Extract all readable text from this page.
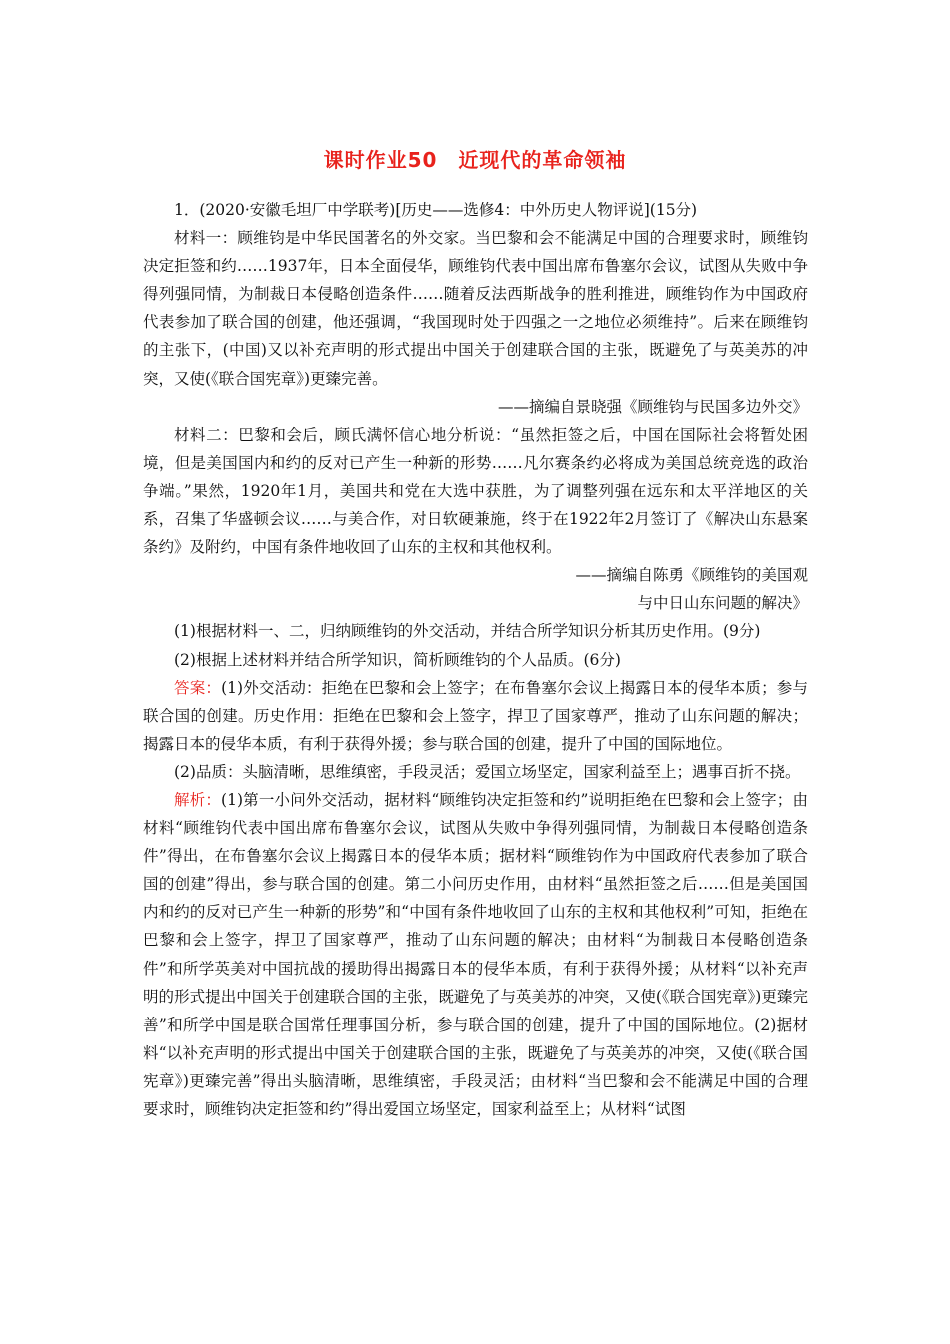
课时作业50　近现代的革命领袖

1．(2020·安徽毛坦厂中学联考)[历史——选修4：中外历史人物评说](15分)

材料一：顾维钧是中华民国著名的外交家。当巴黎和会不能满足中国的合理要求时，顾维钧决定拒签和约……1937年，日本全面侵华，顾维钧代表中国出席布鲁塞尔会议，试图从失败中争得列强同情，为制裁日本侵略创造条件……随着反法西斯战争的胜利推进，顾维钧作为中国政府代表参加了联合国的创建，他还强调，“我国现时处于四强之一之地位必须维持”。后来在顾维钧的主张下，(中国)又以补充声明的形式提出中国关于创建联合国的主张，既避免了与英美苏的冲突，又使(《联合国宪章》)更臻完善。

——摘编自景晓强《顾维钧与民国多边外交》

材料二：巴黎和会后，顾氏满怀信心地分析说：“虽然拒签之后，中国在国际社会将暂处困境，但是美国国内和约的反对已产生一种新的形势……凡尔赛条约必将成为美国总统竞选的政治争端。”果然，1920年1月，美国共和党在大选中获胜，为了调整列强在远东和太平洋地区的关系，召集了华盛顿会议……与美合作，对日软硬兼施，终于在1922年2月签订了《解决山东悬案条约》及附约，中国有条件地收回了山东的主权和其他权利。

——摘编自陈勇《顾维钧的美国观

与中日山东问题的解决》

(1)根据材料一、二，归纳顾维钧的外交活动，并结合所学知识分析其历史作用。(9分)

(2)根据上述材料并结合所学知识，简析顾维钧的个人品质。(6分)

答案：(1)外交活动：拒绝在巴黎和会上签字；在布鲁塞尔会议上揭露日本的侵华本质；参与联合国的创建。历史作用：拒绝在巴黎和会上签字，捍卫了国家尊严，推动了山东问题的解决；揭露日本的侵华本质，有利于获得外援；参与联合国的创建，提升了中国的国际地位。

(2)品质：头脑清晰，思维缜密，手段灵活；爱国立场坚定，国家利益至上；遇事百折不挠。

解析：(1)第一小问外交活动，据材料“顾维钧决定拒签和约”说明拒绝在巴黎和会上签字；由材料“顾维钧代表中国出席布鲁塞尔会议，试图从失败中争得列强同情，为制裁日本侵略创造条件”得出，在布鲁塞尔会议上揭露日本的侵华本质；据材料“顾维钧作为中国政府代表参加了联合国的创建”得出，参与联合国的创建。第二小问历史作用，由材料“虽然拒签之后……但是美国国内和约的反对已产生一种新的形势”和“中国有条件地收回了山东的主权和其他权利”可知，拒绝在巴黎和会上签字，捍卫了国家尊严，推动了山东问题的解决；由材料“为制裁日本侵略创造条件”和所学英美对中国抗战的援助得出揭露日本的侵华本质，有利于获得外援；从材料“以补充声明的形式提出中国关于创建联合国的主张，既避免了与英美苏的冲突，又使(《联合国宪章》)更臻完善”和所学中国是联合国常任理事国分析，参与联合国的创建，提升了中国的国际地位。(2)据材料“以补充声明的形式提出中国关于创建联合国的主张，既避免了与英美苏的冲突，又使(《联合国宪章》)更臻完善”得出头脑清晰，思维缜密，手段灵活；由材料“当巴黎和会不能满足中国的合理要求时，顾维钧决定拒签和约”得出爱国立场坚定，国家利益至上；从材料“试图
